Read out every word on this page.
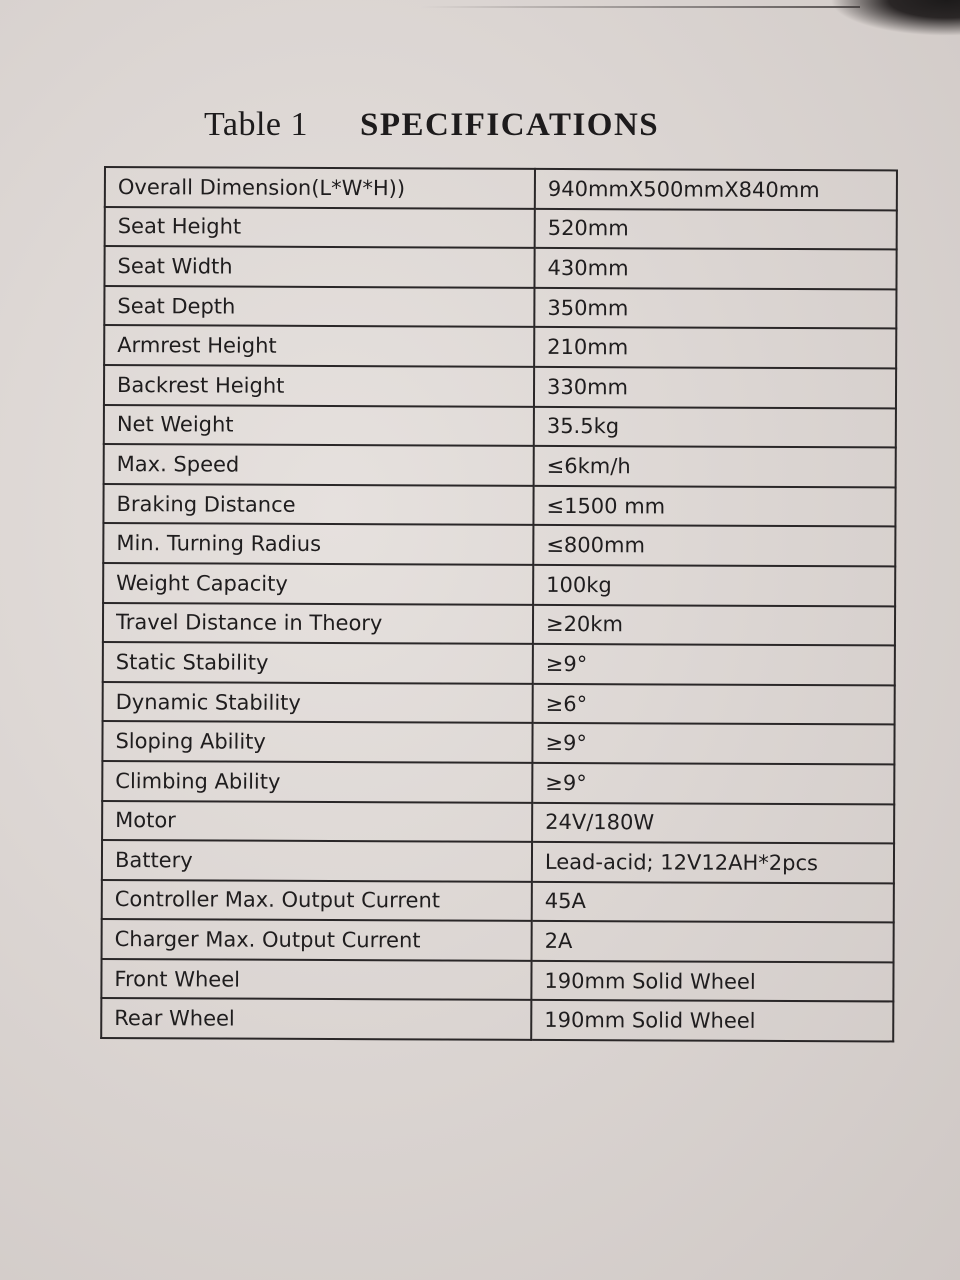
Table 1 SPECIFICATIONS
Overall Dimension(L*W*H))	940mmX500mmX840mm
Seat Height	520mm
Seat Width	430mm
Seat Depth	350mm
Armrest Height	210mm
Backrest Height	330mm
Net Weight	35.5kg
Max. Speed	≤6km/h
Braking Distance	≤1500 mm
Min. Turning Radius	≤800mm
Weight Capacity	100kg
Travel Distance in Theory	≥20km
Static Stability	≥9°
Dynamic Stability	≥6°
Sloping Ability	≥9°
Climbing Ability	≥9°
Motor	24V/180W
Battery	Lead-acid; 12V12AH*2pcs
Controller Max. Output Current	45A
Charger Max. Output Current	2A
Front Wheel	190mm Solid Wheel
Rear Wheel	190mm Solid Wheel
